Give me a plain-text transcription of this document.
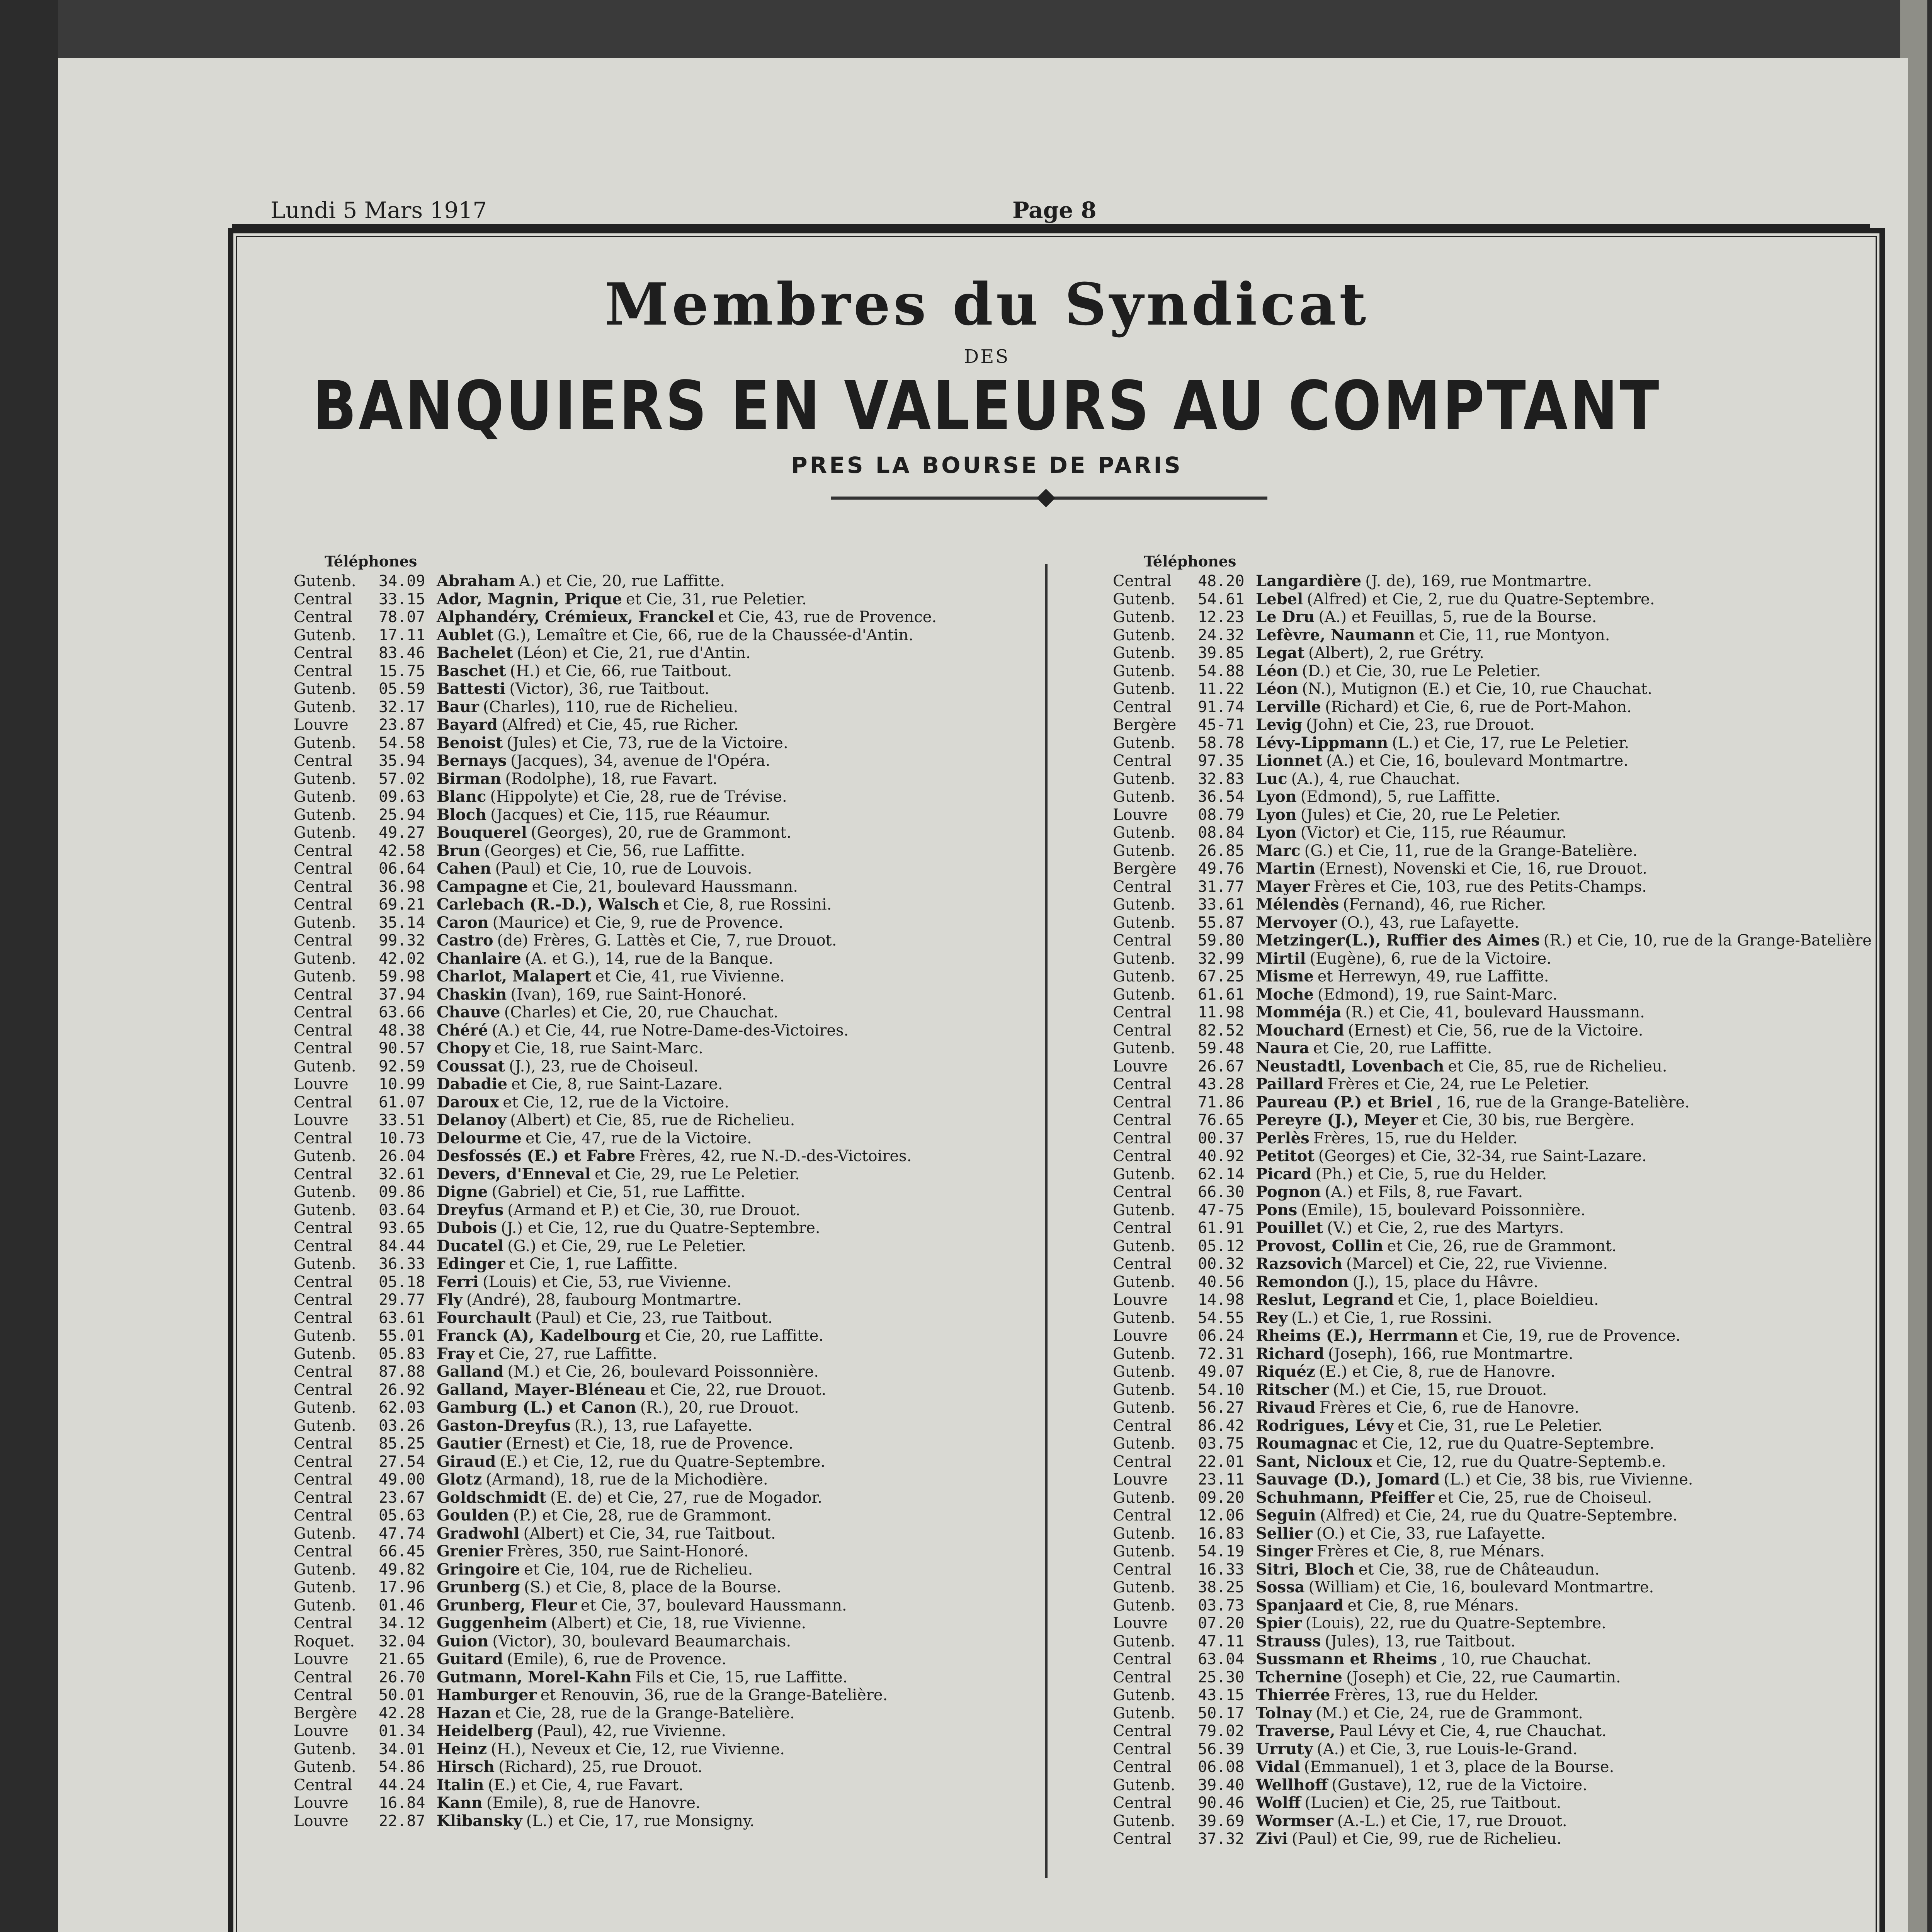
Lundi 5 Mars 1917	Page 8
Membres du Syndicat
DES
BANQUIERS EN VALEURS AU COMPTANT
PRES LA BOURSE DE PARIS
Téléphones
Gutenb.	34.09 Abraham A.) et Cie, 20, rue Laffitte.
Central	33.15 Ador, Magnin, Prique et Cie, 31, rue Peletier.
Central	78.07 Alphandéry, Crémieux, Franckel et Cie, 43, rue de Provence.
Gutenb.	17.11 Aublet (G.), Lemaître et Cie, 66, rue de la Chaussée-d'Antin.
Central	83.46 Bachelet (Léon) et Cie, 21, rue d'Antin.
Central	15.75 Baschet (H.) et Cie, 66, rue Taitbout.
Gutenb.	05.59 Battesti (Victor), 36, rue Taitbout.
Gutenb.	32.17 Baur (Charles), 110, rue de Richelieu.
Louvre	23.87 Bayard (Alfred) et Cie, 45, rue Richer.
Gutenb.	54.58 Benoist (Jules) et Cie, 73, rue de la Victoire.
Central	35.94 Bernays (Jacques), 34, avenue de l'Opéra.
Gutenb.	57.02 Birman (Rodolphe), 18, rue Favart.
Gutenb.	09.63 Blanc (Hippolyte) et Cie, 28, rue de Trévise.
Gutenb.	25.94 Bloch (Jacques) et Cie, 115, rue Réaumur.
Gutenb.	49.27 Bouquerel (Georges), 20, rue de Grammont.
Central	42.58 Brun (Georges) et Cie, 56, rue Laffitte.
Central	06.64 Cahen (Paul) et Cie, 10, rue de Louvois.
Central	36.98 Campagne et Cie, 21, boulevard Haussmann.
Central	69.21 Carlebach (R.-D.), Walsch et Cie, 8, rue Rossini.
Gutenb.	35.14 Caron (Maurice) et Cie, 9, rue de Provence.
Central	99.32 Castro (de) Frères, G. Lattès et Cie, 7, rue Drouot.
Gutenb.	42.02 Chanlaire (A. et G.), 14, rue de la Banque.
Gutenb.	59.98 Charlot, Malapert et Cie, 41, rue Vivienne.
Central	37.94 Chaskin (Ivan), 169, rue Saint-Honoré.
Central	63.66 Chauve (Charles) et Cie, 20, rue Chauchat.
Central	48.38 Chéré (A.) et Cie, 44, rue Notre-Dame-des-Victoires.
Central	90.57 Chopy et Cie, 18, rue Saint-Marc.
Gutenb.	92.59 Coussat (J.), 23, rue de Choiseul.
Louvre	10.99 Dabadie et Cie, 8, rue Saint-Lazare.
Central	61.07 Daroux et Cie, 12, rue de la Victoire.
Louvre	33.51 Delanoy (Albert) et Cie, 85, rue de Richelieu.
Central	10.73 Delourme et Cie, 47, rue de la Victoire.
Gutenb.	26.04 Desfossés (E.) et Fabre Frères, 42, rue N.-D.-des-Victoires.
Central	32.61 Devers, d'Enneval et Cie, 29, rue Le Peletier.
Gutenb.	09.86 Digne (Gabriel) et Cie, 51, rue Laffitte.
Gutenb.	03.64 Dreyfus (Armand et P.) et Cie, 30, rue Drouot.
Central	93.65 Dubois (J.) et Cie, 12, rue du Quatre-Septembre.
Central	84.44 Ducatel (G.) et Cie, 29, rue Le Peletier.
Gutenb.	36.33 Edinger et Cie, 1, rue Laffitte.
Central	05.18 Ferri (Louis) et Cie, 53, rue Vivienne.
Central	29.77 Fly (André), 28, faubourg Montmartre.
Central	63.61 Fourchault (Paul) et Cie, 23, rue Taitbout.
Gutenb.	55.01 Franck (A), Kadelbourg et Cie, 20, rue Laffitte.
Gutenb.	05.83 Fray et Cie, 27, rue Laffitte.
Central	87.88 Galland (M.) et Cie, 26, boulevard Poissonnière.
Central	26.92 Galland, Mayer-Bléneau et Cie, 22, rue Drouot.
Gutenb.	62.03 Gamburg (L.) et Canon (R.), 20, rue Drouot.
Gutenb.	03.26 Gaston-Dreyfus (R.), 13, rue Lafayette.
Central	85.25 Gautier (Ernest) et Cie, 18, rue de Provence.
Central	27.54 Giraud (E.) et Cie, 12, rue du Quatre-Septembre.
Central	49.00 Glotz (Armand), 18, rue de la Michodière.
Central	23.67 Goldschmidt (E. de) et Cie, 27, rue de Mogador.
Central	05.63 Goulden (P.) et Cie, 28, rue de Grammont.
Gutenb.	47.74 Gradwohl (Albert) et Cie, 34, rue Taitbout.
Central	66.45 Grenier Frères, 350, rue Saint-Honoré.
Gutenb.	49.82 Gringoire et Cie, 104, rue de Richelieu.
Gutenb.	17.96 Grunberg (S.) et Cie, 8, place de la Bourse.
Gutenb.	01.46 Grunberg, Fleur et Cie, 37, boulevard Haussmann.
Central	34.12 Guggenheim (Albert) et Cie, 18, rue Vivienne.
Roquet.	32.04 Guion (Victor), 30, boulevard Beaumarchais.
Louvre	21.65 Guitard (Emile), 6, rue de Provence.
Central	26.70 Gutmann, Morel-Kahn Fils et Cie, 15, rue Laffitte.
Central	50.01 Hamburger et Renouvin, 36, rue de la Grange-Batelière.
Bergère	42.28 Hazan et Cie, 28, rue de la Grange-Batelière.
Louvre	01.34 Heidelberg (Paul), 42, rue Vivienne.
Gutenb.	34.01 Heinz (H.), Neveux et Cie, 12, rue Vivienne.
Gutenb.	54.86 Hirsch (Richard), 25, rue Drouot.
Central	44.24 Italin (E.) et Cie, 4, rue Favart.
Louvre	16.84 Kann (Emile), 8, rue de Hanovre.
Louvre	22.87 Klibansky (L.) et Cie, 17, rue Monsigny.
Téléphones
Central	48.20 Langardière (J. de), 169, rue Montmartre.
Gutenb.	54.61 Lebel (Alfred) et Cie, 2, rue du Quatre-Septembre.
Gutenb.	12.23 Le Dru (A.) et Feuillas, 5, rue de la Bourse.
Gutenb.	24.32 Lefèvre, Naumann et Cie, 11, rue Montyon.
Gutenb.	39.85 Legat (Albert), 2, rue Grétry.
Gutenb.	54.88 Léon (D.) et Cie, 30, rue Le Peletier.
Gutenb.	11.22 Léon (N.), Mutignon (E.) et Cie, 10, rue Chauchat.
Central	91.74 Lerville (Richard) et Cie, 6, rue de Port-Mahon.
Bergère	45-71 Levig (John) et Cie, 23, rue Drouot.
Gutenb.	58.78 Lévy-Lippmann (L.) et Cie, 17, rue Le Peletier.
Central	97.35 Lionnet (A.) et Cie, 16, boulevard Montmartre.
Gutenb.	32.83 Luc (A.), 4, rue Chauchat.
Gutenb.	36.54 Lyon (Edmond), 5, rue Laffitte.
Louvre	08.79 Lyon (Jules) et Cie, 20, rue Le Peletier.
Gutenb.	08.84 Lyon (Victor) et Cie, 115, rue Réaumur.
Gutenb.	26.85 Marc (G.) et Cie, 11, rue de la Grange-Batelière.
Bergère	49.76 Martin (Ernest), Novenski et Cie, 16, rue Drouot.
Central	31.77 Mayer Frères et Cie, 103, rue des Petits-Champs.
Gutenb.	33.61 Mélendès (Fernand), 46, rue Richer.
Gutenb.	55.87 Mervoyer (O.), 43, rue Lafayette.
Central	59.80 Metzinger(L.), Ruffier des Aimes (R.) et Cie, 10, rue de la Grange-Batelière
Gutenb.	32.99 Mirtil (Eugène), 6, rue de la Victoire.
Gutenb.	67.25 Misme et Herrewyn, 49, rue Laffitte.
Gutenb.	61.61 Moche (Edmond), 19, rue Saint-Marc.
Central	11.98 Momméja (R.) et Cie, 41, boulevard Haussmann.
Central	82.52 Mouchard (Ernest) et Cie, 56, rue de la Victoire.
Gutenb.	59.48 Naura et Cie, 20, rue Laffitte.
Louvre	26.67 Neustadtl, Lovenbach et Cie, 85, rue de Richelieu.
Central	43.28 Paillard Frères et Cie, 24, rue Le Peletier.
Central	71.86 Paureau (P.) et Briel , 16, rue de la Grange-Batelière.
Central	76.65 Pereyre (J.), Meyer et Cie, 30 bis, rue Bergère.
Central	00.37 Perlès Frères, 15, rue du Helder.
Central	40.92 Petitot (Georges) et Cie, 32-34, rue Saint-Lazare.
Gutenb.	62.14 Picard (Ph.) et Cie, 5, rue du Helder.
Central	66.30 Pognon (A.) et Fils, 8, rue Favart.
Gutenb.	47-75 Pons (Emile), 15, boulevard Poissonnière.
Central	61.91 Pouillet (V.) et Cie, 2, rue des Martyrs.
Gutenb.	05.12 Provost, Collin et Cie, 26, rue de Grammont.
Central	00.32 Razsovich (Marcel) et Cie, 22, rue Vivienne.
Gutenb.	40.56 Remondon (J.), 15, place du Hâvre.
Louvre	14.98 Reslut, Legrand et Cie, 1, place Boieldieu.
Gutenb.	54.55 Rey (L.) et Cie, 1, rue Rossini.
Louvre	06.24 Rheims (E.), Herrmann et Cie, 19, rue de Provence.
Gutenb.	72.31 Richard (Joseph), 166, rue Montmartre.
Gutenb.	49.07 Riquéz (E.) et Cie, 8, rue de Hanovre.
Gutenb.	54.10 Ritscher (M.) et Cie, 15, rue Drouot.
Gutenb.	56.27 Rivaud Frères et Cie, 6, rue de Hanovre.
Central	86.42 Rodrigues, Lévy et Cie, 31, rue Le Peletier.
Gutenb.	03.75 Roumagnac et Cie, 12, rue du Quatre-Septembre.
Central	22.01 Sant, Nicloux et Cie, 12, rue du Quatre-Septemb.e.
Louvre	23.11 Sauvage (D.), Jomard (L.) et Cie, 38 bis, rue Vivienne.
Gutenb.	09.20 Schuhmann, Pfeiffer et Cie, 25, rue de Choiseul.
Central	12.06 Seguin (Alfred) et Cie, 24, rue du Quatre-Septembre.
Gutenb.	16.83 Sellier (O.) et Cie, 33, rue Lafayette.
Gutenb.	54.19 Singer Frères et Cie, 8, rue Ménars.
Central	16.33 Sitri, Bloch et Cie, 38, rue de Châteaudun.
Gutenb.	38.25 Sossa (William) et Cie, 16, boulevard Montmartre.
Gutenb.	03.73 Spanjaard et Cie, 8, rue Ménars.
Louvre	07.20 Spier (Louis), 22, rue du Quatre-Septembre.
Gutenb.	47.11 Strauss (Jules), 13, rue Taitbout.
Central	63.04 Sussmann et Rheims , 10, rue Chauchat.
Central	25.30 Tchernine (Joseph) et Cie, 22, rue Caumartin.
Gutenb.	43.15 Thierrée Frères, 13, rue du Helder.
Gutenb.	50.17 Tolnay (M.) et Cie, 24, rue de Grammont.
Central	79.02 Traverse, Paul Lévy et Cie, 4, rue Chauchat.
Central	56.39 Urruty (A.) et Cie, 3, rue Louis-le-Grand.
Central	06.08 Vidal (Emmanuel), 1 et 3, place de la Bourse.
Gutenb.	39.40 Wellhoff (Gustave), 12, rue de la Victoire.
Central	90.46 Wolff (Lucien) et Cie, 25, rue Taitbout.
Gutenb.	39.69 Wormser (A.-L.) et Cie, 17, rue Drouot.
Central	37.32 Zivi (Paul) et Cie, 99, rue de Richelieu.
